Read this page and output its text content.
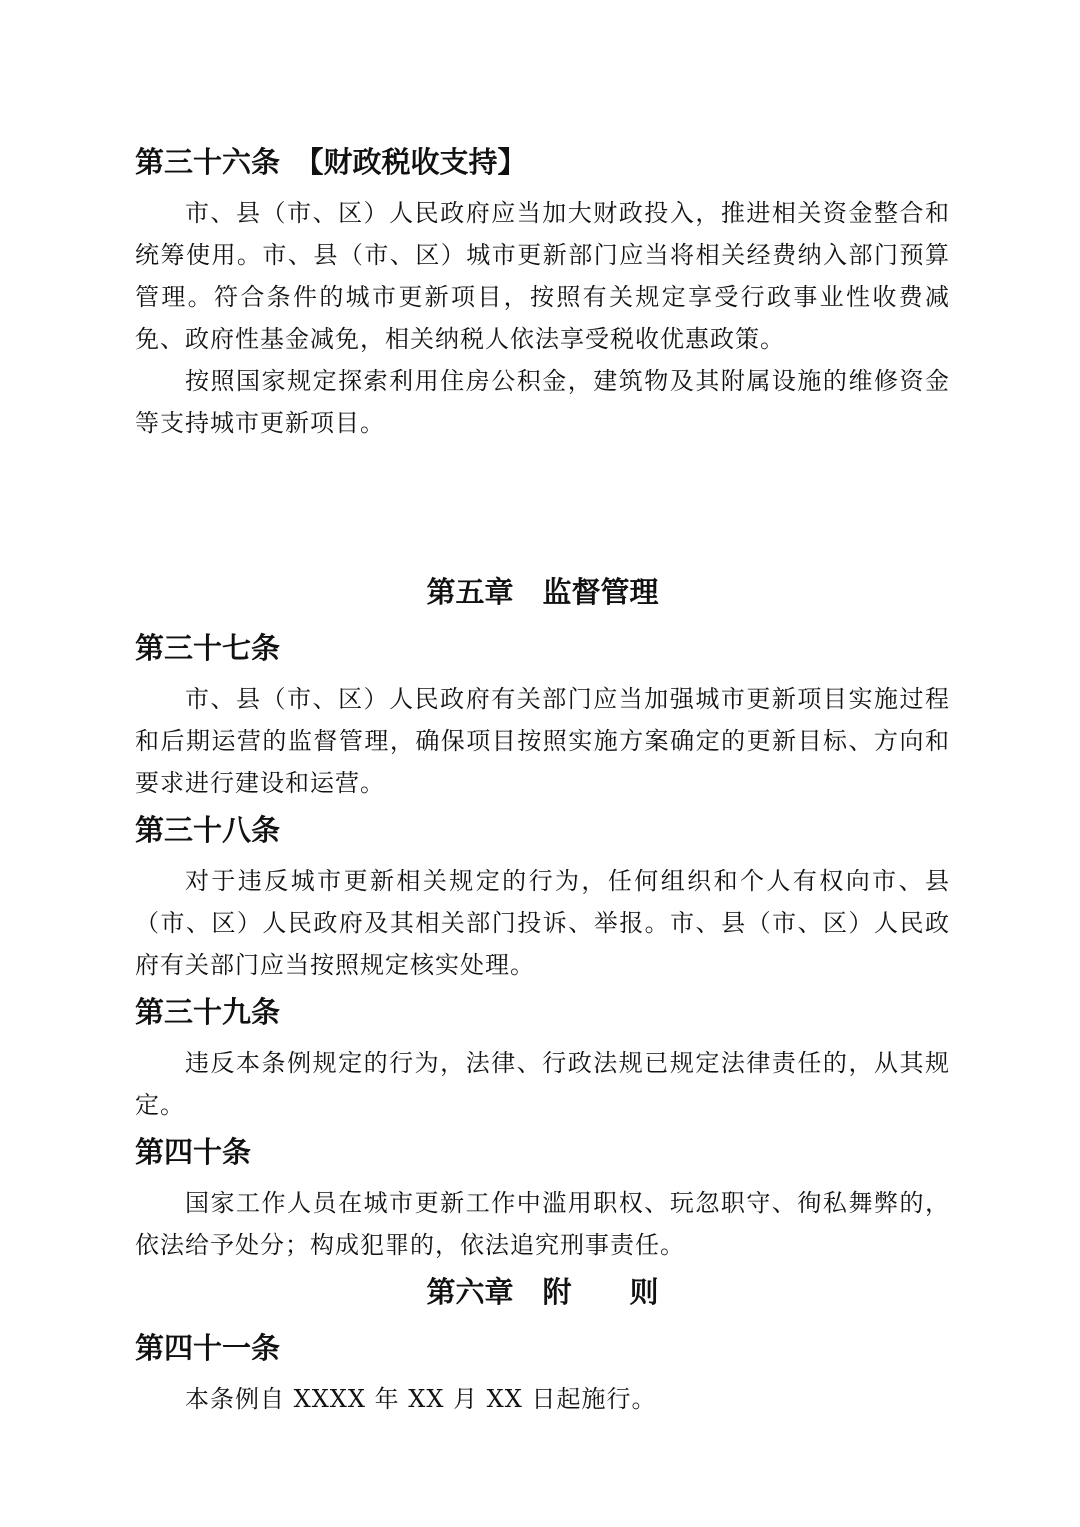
第三十六条　【财政税收支持】

市、县（市、区）人民政府应当加大财政投入，推进相关资金整合和统筹使用。市、县（市、区）城市更新部门应当将相关经费纳入部门预算管理。符合条件的城市更新项目，按照有关规定享受行政事业性收费减免、政府性基金减免，相关纳税人依法享受税收优惠政策。

按照国家规定探索利用住房公积金，建筑物及其附属设施的维修资金等支持城市更新项目。

第五章　监督管理

第三十七条

市、县（市、区）人民政府有关部门应当加强城市更新项目实施过程和后期运营的监督管理，确保项目按照实施方案确定的更新目标、方向和要求进行建设和运营。

第三十八条

对于违反城市更新相关规定的行为，任何组织和个人有权向市、县（市、区）人民政府及其相关部门投诉、举报。市、县（市、区）人民政府有关部门应当按照规定核实处理。

第三十九条

违反本条例规定的行为，法律、行政法规已规定法律责任的，从其规定。

第四十条

国家工作人员在城市更新工作中滥用职权、玩忽职守、徇私舞弊的，依法给予处分；构成犯罪的，依法追究刑事责任。

第六章　附　　则

第四十一条

本条例自 XXXX 年 XX 月 XX 日起施行。
